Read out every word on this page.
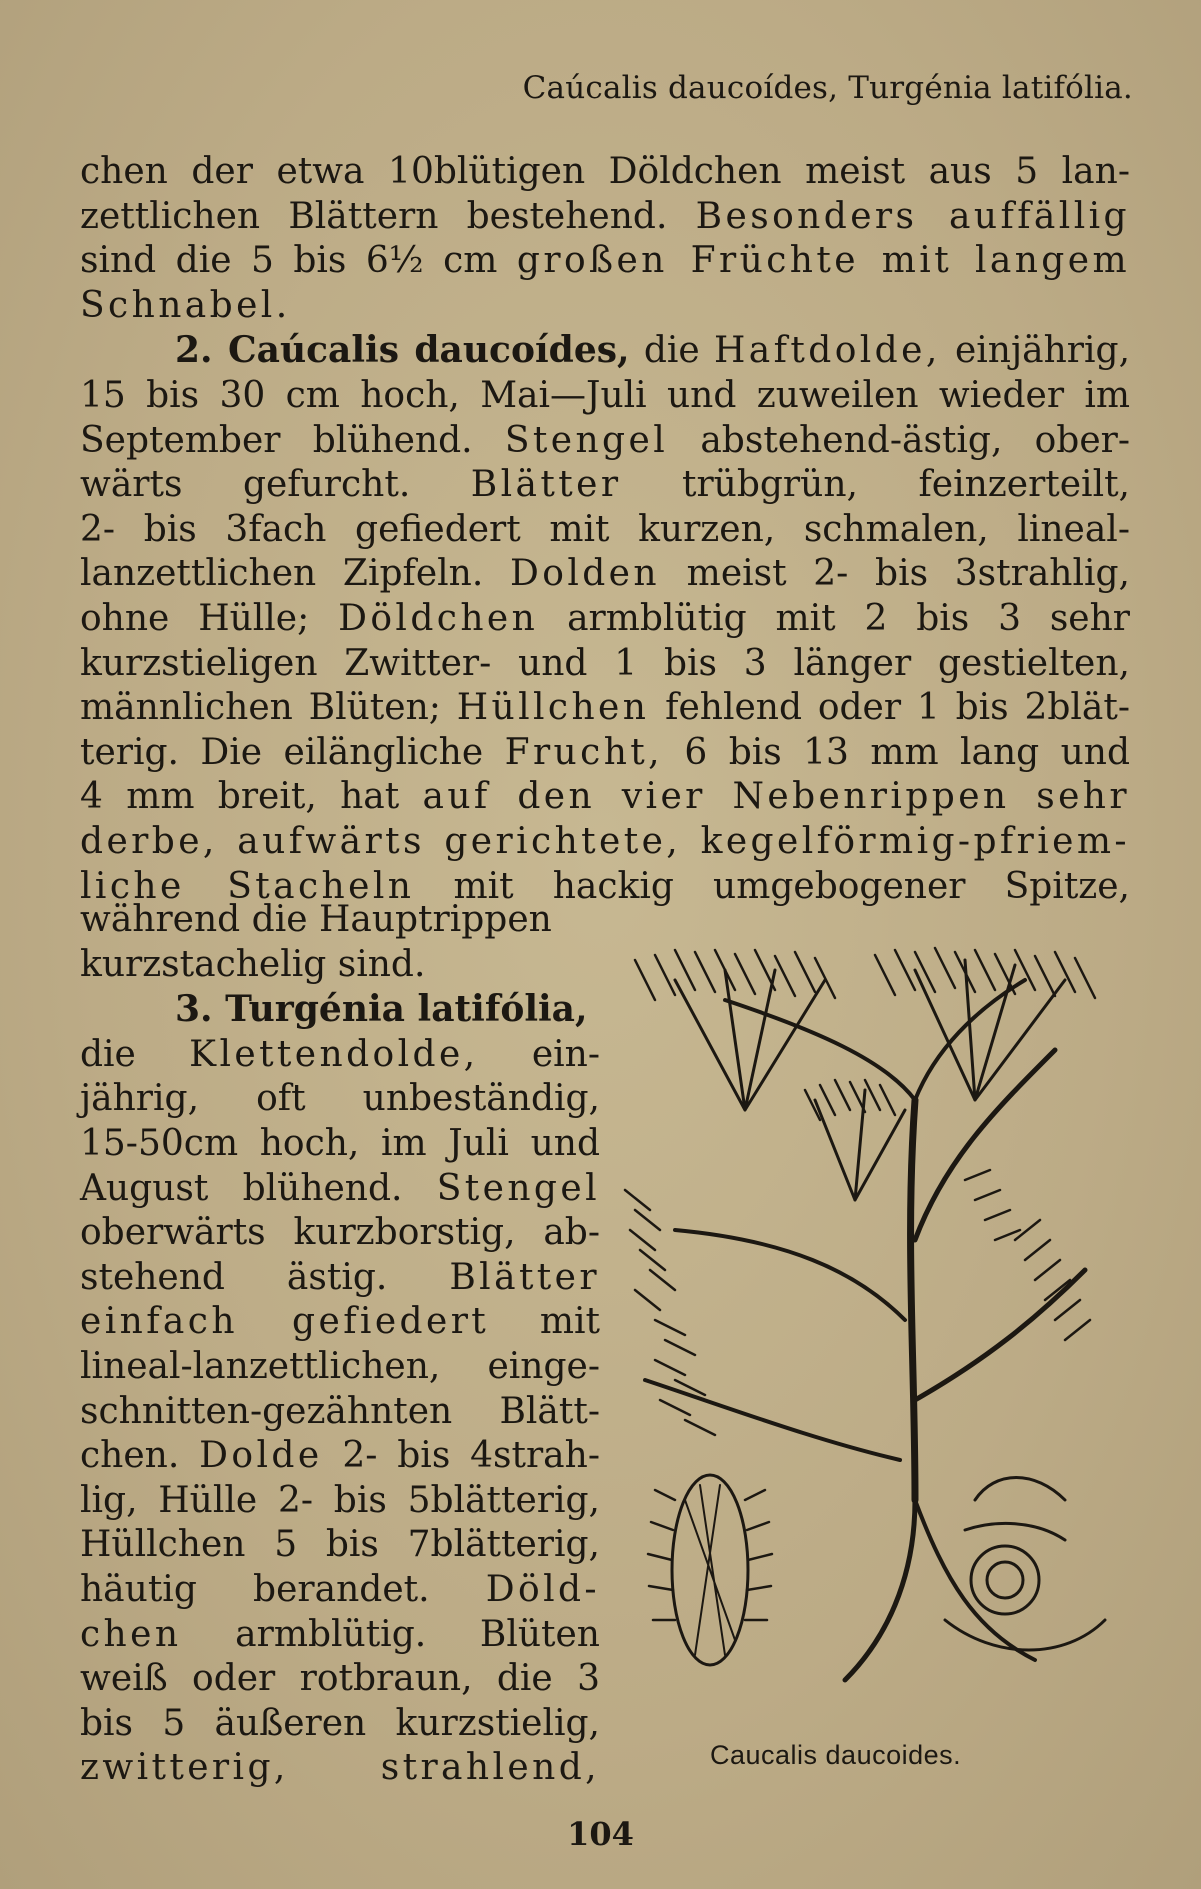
Caúcalis daucoídes, Turgénia latifólia.
chen der etwa 10blütigen Döldchen meist aus 5 lan-
zettlichen Blättern bestehend. Besonders auffällig
sind die 5 bis 6½ cm großen Früchte mit langem
Schnabel.
2. Caúcalis daucoídes, die Haftdolde, einjährig,
15 bis 30 cm hoch, Mai—Juli und zuweilen wieder im
September blühend. Stengel abstehend-ästig, ober-
wärts gefurcht. Blätter trübgrün, feinzerteilt,
2- bis 3fach gefiedert mit kurzen, schmalen, lineal-
lanzettlichen Zipfeln. Dolden meist 2- bis 3strahlig,
ohne Hülle; Döldchen armblütig mit 2 bis 3 sehr
kurzstieligen Zwitter- und 1 bis 3 länger gestielten,
männlichen Blüten; Hüllchen fehlend oder 1 bis 2blät-
terig. Die eilängliche Frucht, 6 bis 13 mm lang und
4 mm breit, hat auf den vier Nebenrippen sehr
derbe, aufwärts gerichtete, kegelförmig-pfriem-
liche Stacheln mit hackig umgebogener Spitze,
während die Hauptrippen
kurzstachelig sind.
3. Turgénia latifólia,
die Klettendolde, ein-
jährig, oft unbeständig,
15-50cm hoch, im Juli und
August blühend. Stengel
oberwärts kurzborstig, ab-
stehend ästig. Blätter
einfach gefiedert mit
lineal-lanzettlichen, einge-
schnitten-gezähnten Blätt-
chen. Dolde 2- bis 4strah-
lig, Hülle 2- bis 5blätterig,
Hüllchen 5 bis 7blätterig,
häutig berandet. Döld-
chen armblütig. Blüten
weiß oder rotbraun, die 3
bis 5 äußeren kurzstielig,
zwitterig, strahlend,	Caucalis daucoides.
104
